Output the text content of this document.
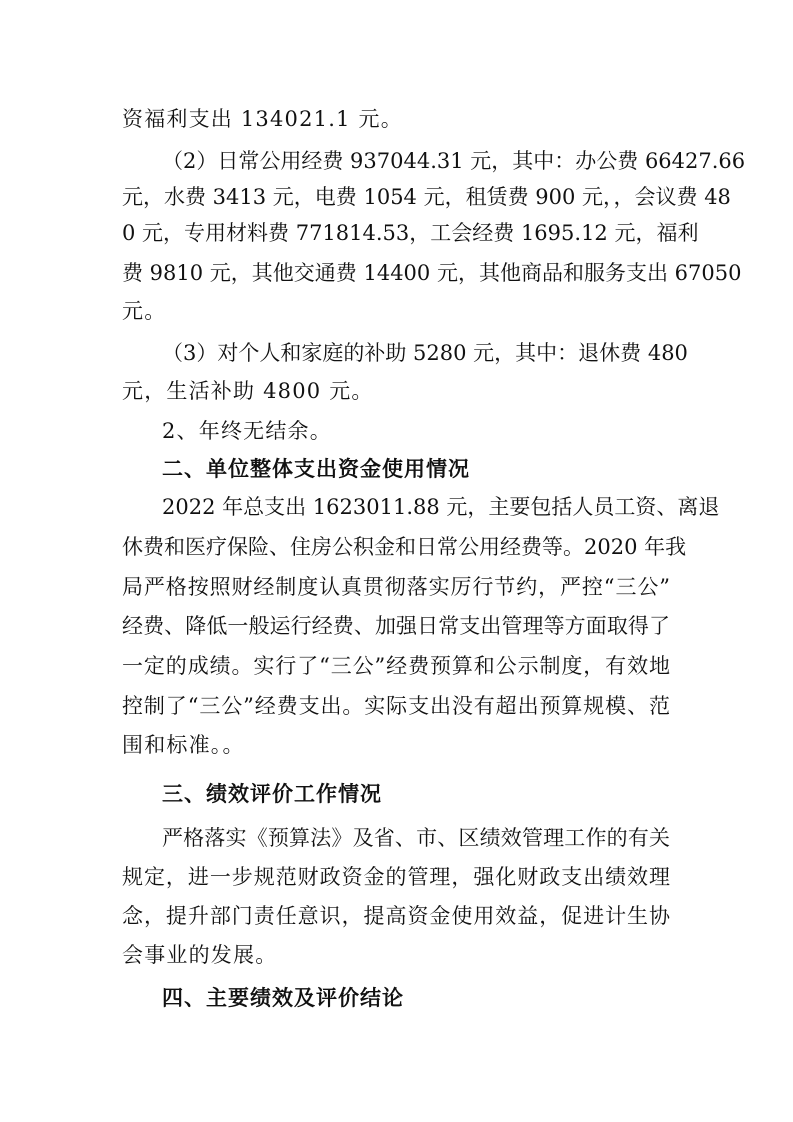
资福利支出 134021.1 元。
（2）日常公用经费 937044.31 元，其中：办公费 66427.66
元，水费 3413 元，电费 1054 元，租赁费 900 元，，会议费 48
0 元，专用材料费 771814.53，工会经费 1695.12 元，福利
费 9810 元，其他交通费 14400 元，其他商品和服务支出 67050
元。
（3）对个人和家庭的补助 5280 元，其中：退休费 480
元，生活补助 4800 元。
2、年终无结余。
二、单位整体支出资金使用情况
2022 年总支出 1623011.88 元，主要包括人员工资、离退
休费和医疗保险、住房公积金和日常公用经费等。2020 年我
局严格按照财经制度认真贯彻落实厉行节约，严控“三公”
经费、降低一般运行经费、加强日常支出管理等方面取得了
一定的成绩。实行了“三公”经费预算和公示制度，有效地
控制了“三公”经费支出。实际支出没有超出预算规模、范
围和标准。。
三、绩效评价工作情况
严格落实《预算法》及省、市、区绩效管理工作的有关
规定，进一步规范财政资金的管理，强化财政支出绩效理
念，提升部门责任意识，提高资金使用效益，促进计生协
会事业的发展。
四、主要绩效及评价结论
